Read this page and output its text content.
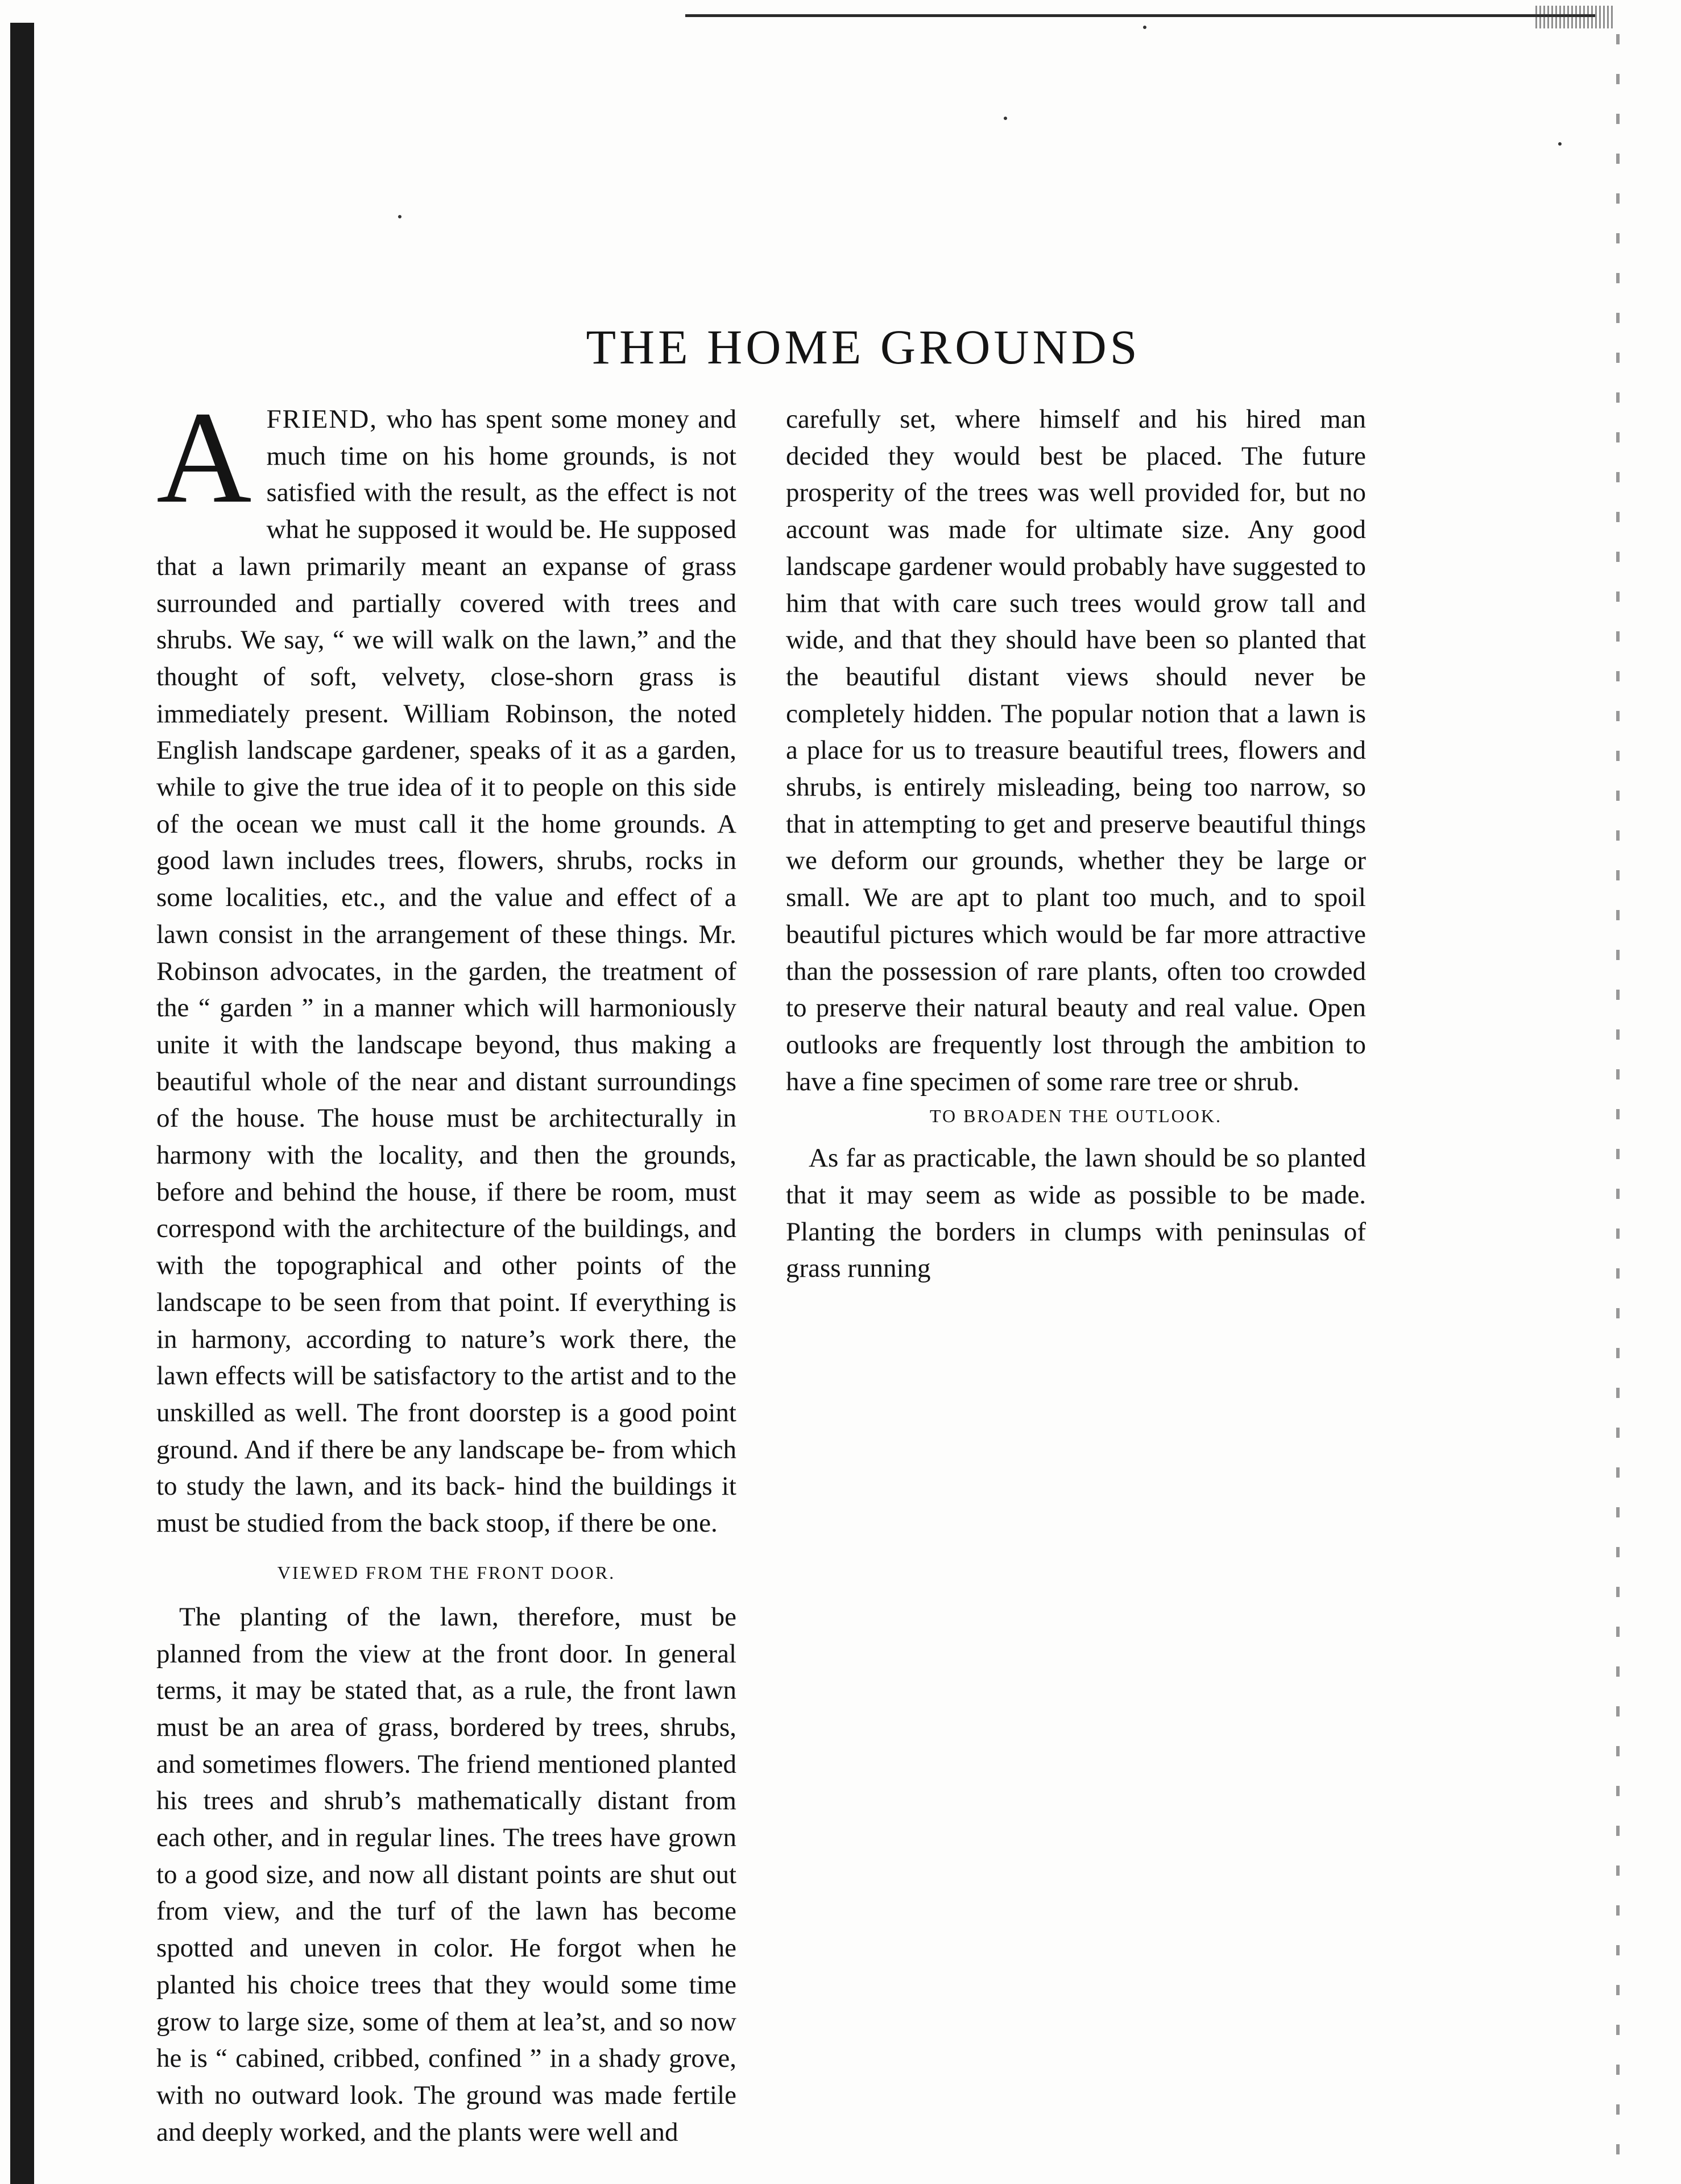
THE HOME GROUNDS

A FRIEND, who has spent some money and much time on his home grounds, is not satisfied with the result, as the effect is not what he supposed it would be. He supposed that a lawn primarily meant an expanse of grass surrounded and partially covered with trees and shrubs. We say, “ we will walk on the lawn,” and the thought of soft, velvety, close-shorn grass is immediately present. William Robinson, the noted English landscape gardener, speaks of it as a garden, while to give the true idea of it to people on this side of the ocean we must call it the home grounds. A good lawn includes trees, flowers, shrubs, rocks in some localities, etc., and the value and effect of a lawn consist in the arrangement of these things. Mr. Robinson advocates, in the garden, the treatment of the “ garden ” in a manner which will harmoniously unite it with the landscape beyond, thus making a beautiful whole of the near and distant surroundings of the house. The house must be architecturally in harmony with the locality, and then the grounds, before and behind the house, if there be room, must correspond with the architecture of the buildings, and with the topographical and other points of the landscape to be seen from that point. If everything is in harmony, according to nature’s work there, the lawn effects will be satisfactory to the artist and to the unskilled as well. The front doorstep is a good point ground. And if there be any landscape be- from which to study the lawn, and its back- hind the buildings it must be studied from the back stoop, if there be one.

VIEWED FROM THE FRONT DOOR.

The planting of the lawn, therefore, must be planned from the view at the front door. In general terms, it may be stated that, as a rule, the front lawn must be an area of grass, bordered by trees, shrubs, and sometimes flowers. The friend mentioned planted his trees and shrub’s mathematically distant from each other, and in regular lines. The trees have grown to a good size, and now all distant points are shut out from view, and the turf of the lawn has become spotted and uneven in color. He forgot when he planted his choice trees that they would some time grow to large size, some of them at lea’st, and so now he is “ cabined, cribbed, confined ” in a shady grove, with no outward look. The ground was made fertile and deeply worked, and the plants were well and

carefully set, where himself and his hired man decided they would best be placed. The future prosperity of the trees was well provided for, but no account was made for ultimate size. Any good landscape gardener would probably have suggested to him that with care such trees would grow tall and wide, and that they should have been so planted that the beautiful distant views should never be completely hidden. The popular notion that a lawn is a place for us to treasure beautiful trees, flowers and shrubs, is entirely misleading, being too narrow, so that in attempting to get and preserve beautiful things we deform our grounds, whether they be large or small. We are apt to plant too much, and to spoil beautiful pictures which would be far more attractive than the possession of rare plants, often too crowded to preserve their natural beauty and real value. Open outlooks are frequently lost through the ambition to have a fine specimen of some rare tree or shrub.

TO BROADEN THE OUTLOOK.

As far as practicable, the lawn should be so planted that it may seem as wide as possible to be made. Planting the borders in clumps with peninsulas of grass running
